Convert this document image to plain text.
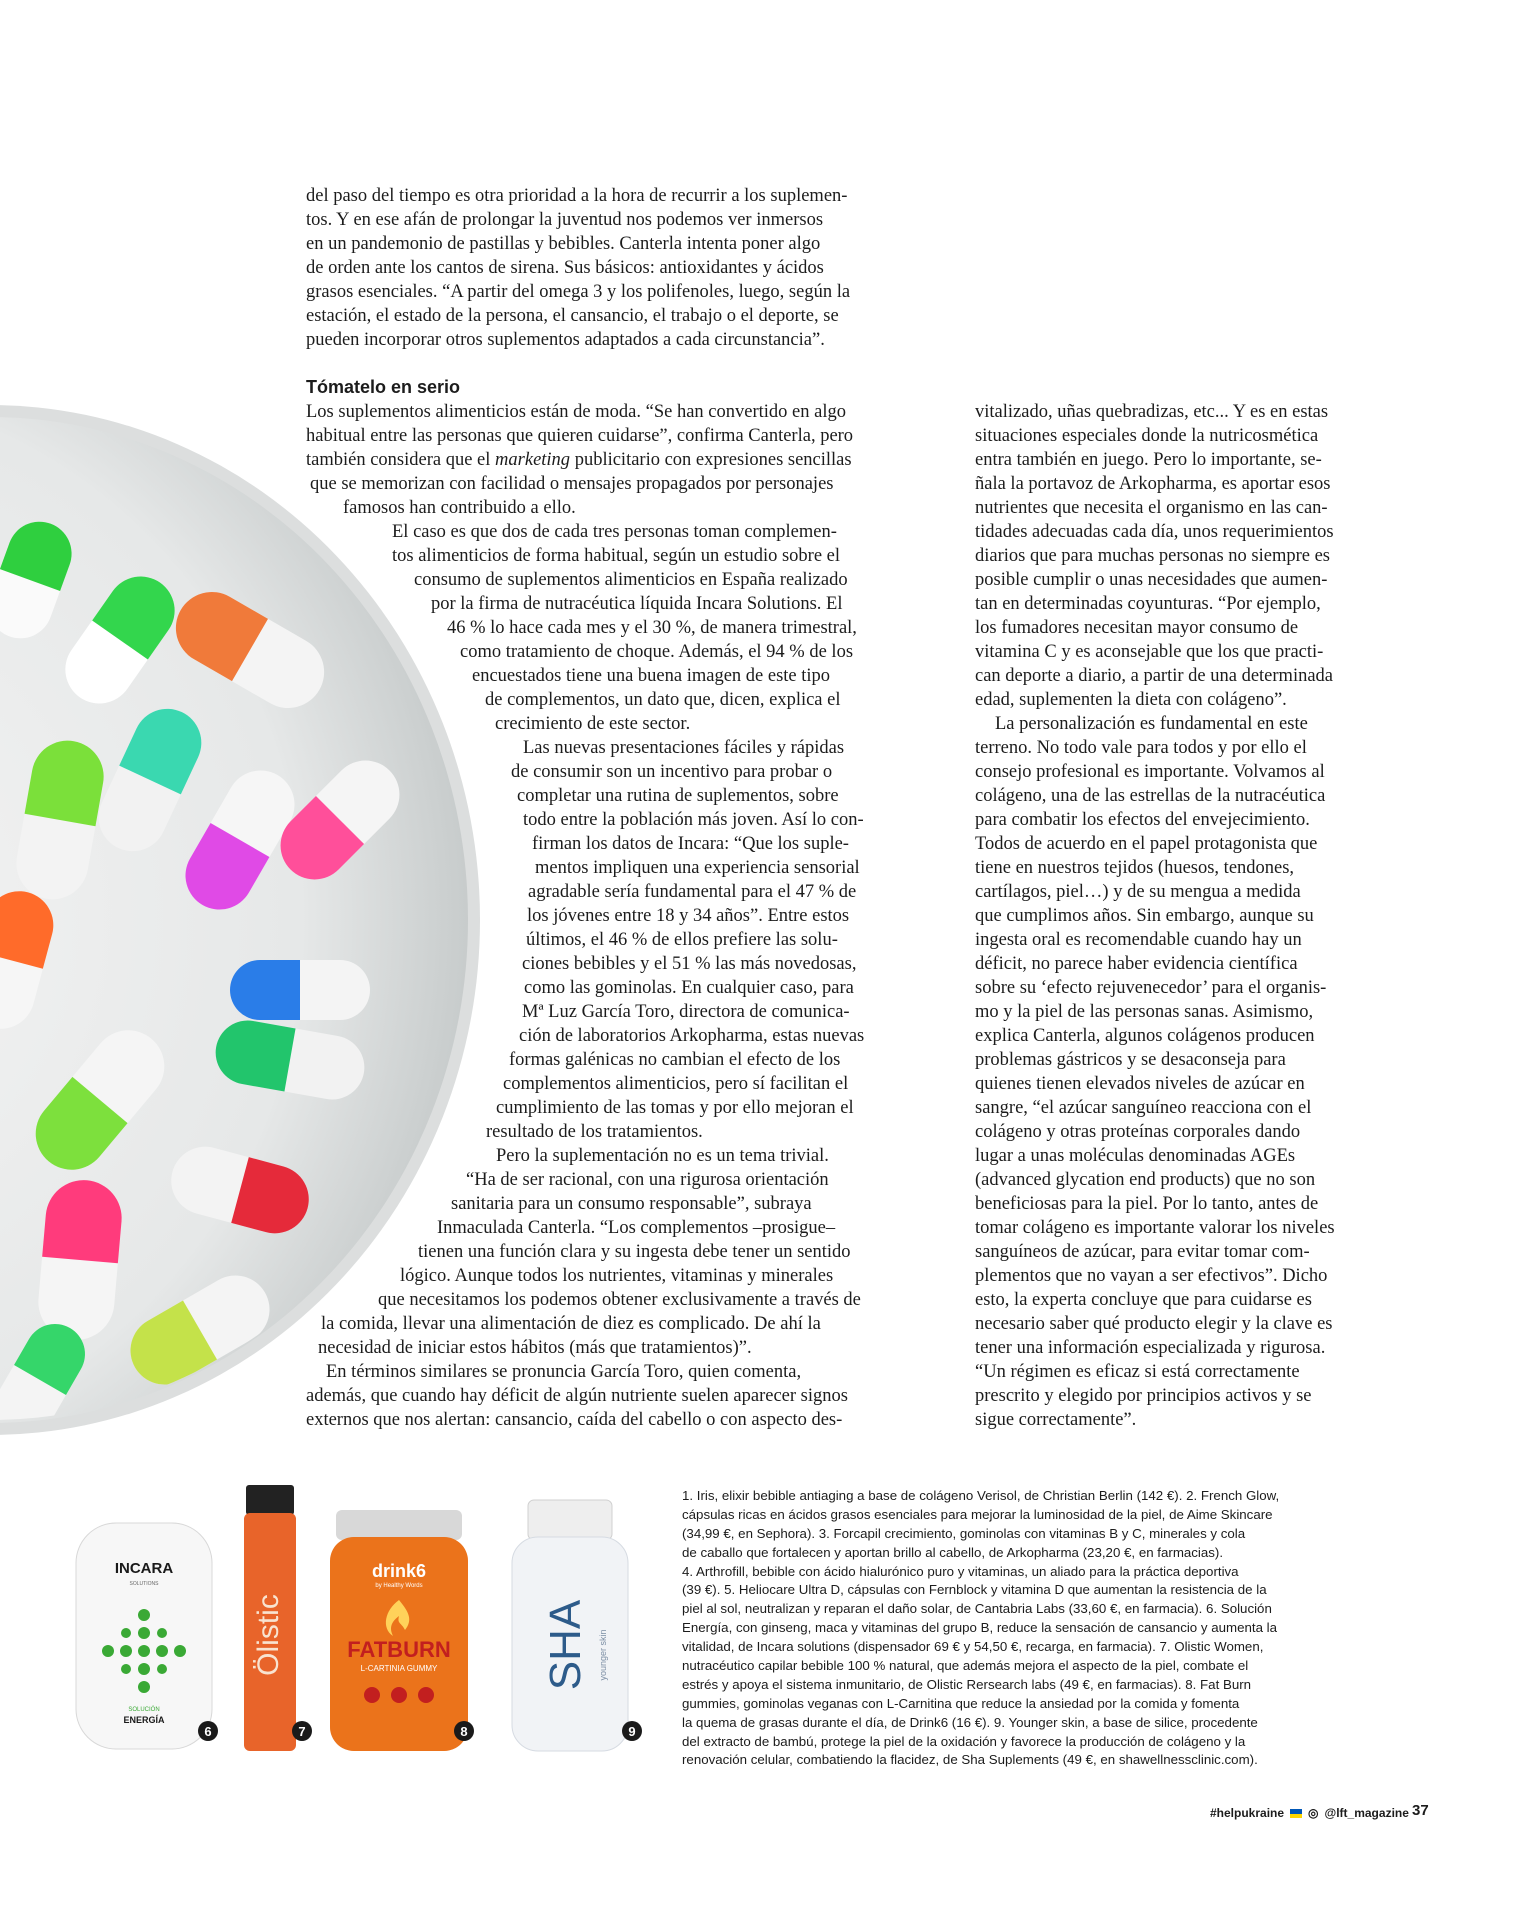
del paso del tiempo es otra prioridad a la hora de recurrir a los suplemen-

tos. Y en ese afán de prolongar la juventud nos podemos ver inmersos

en un pandemonio de pastillas y bebibles. Canterla intenta poner algo

de orden ante los cantos de sirena. Sus básicos: antioxidantes y ácidos

grasos esenciales. “A partir del omega 3 y los polifenoles, luego, según la

estación, el estado de la persona, el cansancio, el trabajo o el deporte, se

pueden incorporar otros suplementos adaptados a cada circunstancia”.

Tómatelo en serio
Los suplementos alimenticios están de moda. “Se han convertido en algo
habitual entre las personas que quieren cuidarse”, confirma Canterla, pero
también considera que el marketing publicitario con expresiones sencillas
que se memorizan con facilidad o mensajes propagados por personajes
famosos han contribuido a ello.
El caso es que dos de cada tres personas toman complemen-
tos alimenticios de forma habitual, según un estudio sobre el
consumo de suplementos alimenticios en España realizado
por la firma de nutracéutica líquida Incara Solutions. El
46 % lo hace cada mes y el 30 %, de manera trimestral,
como tratamiento de choque. Además, el 94 % de los
encuestados tiene una buena imagen de este tipo
de complementos, un dato que, dicen, explica el
crecimiento de este sector.
Las nuevas presentaciones fáciles y rápidas
de consumir son un incentivo para probar o
completar una rutina de suplementos, sobre
todo entre la población más joven. Así lo con-
firman los datos de Incara: “Que los suple-
mentos impliquen una experiencia sensorial
agradable sería fundamental para el 47 % de
los jóvenes entre 18 y 34 años”. Entre estos
últimos, el 46 % de ellos prefiere las solu-
ciones bebibles y el 51 % las más novedosas,
como las gominolas. En cualquier caso, para
Mª Luz García Toro, directora de comunica-
ción de laboratorios Arkopharma, estas nuevas
formas galénicas no cambian el efecto de los
complementos alimenticios, pero sí facilitan el
cumplimiento de las tomas y por ello mejoran el
resultado de los tratamientos.
Pero la suplementación no es un tema trivial.
“Ha de ser racional, con una rigurosa orientación
sanitaria para un consumo responsable”, subraya
Inmaculada Canterla. “Los complementos –prosigue–
tienen una función clara y su ingesta debe tener un sentido
lógico. Aunque todos los nutrientes, vitaminas y minerales
que necesitamos los podemos obtener exclusivamente a través de
la comida, llevar una alimentación de diez es complicado. De ahí la
necesidad de iniciar estos hábitos (más que tratamientos)”.
En términos similares se pronuncia García Toro, quien comenta,
además, que cuando hay déficit de algún nutriente suelen aparecer signos
externos que nos alertan: cansancio, caída del cabello o con aspecto des-
vitalizado, uñas quebradizas, etc... Y es en estas
situaciones especiales donde la nutricosmética
entra también en juego. Pero lo importante, se-
ñala la portavoz de Arkopharma, es aportar esos
nutrientes que necesita el organismo en las can-
tidades adecuadas cada día, unos requerimientos
diarios que para muchas personas no siempre es
posible cumplir o unas necesidades que aumen-
tan en determinadas coyunturas. “Por ejemplo,
los fumadores necesitan mayor consumo de
vitamina C y es aconsejable que los que practi-
can deporte a diario, a partir de una determinada
edad, suplementen la dieta con colágeno”.
La personalización es fundamental en este
terreno. No todo vale para todos y por ello el
consejo profesional es importante. Volvamos al
colágeno, una de las estrellas de la nutracéutica
para combatir los efectos del envejecimiento.
Todos de acuerdo en el papel protagonista que
tiene en nuestros tejidos (huesos, tendones,
cartílagos, piel…) y de su mengua a medida
que cumplimos años. Sin embargo, aunque su
ingesta oral es recomendable cuando hay un
déficit, no parece haber evidencia científica
sobre su ‘efecto rejuvenecedor’ para el organis-
mo y la piel de las personas sanas. Asimismo,
explica Canterla, algunos colágenos producen
problemas gástricos y se desaconseja para
quienes tienen elevados niveles de azúcar en
sangre, “el azúcar sanguíneo reacciona con el
colágeno y otras proteínas corporales dando
lugar a unas moléculas denominadas AGEs
(advanced glycation end products) que no son
beneficiosas para la piel. Por lo tanto, antes de
tomar colágeno es importante valorar los niveles
sanguíneos de azúcar, para evitar tomar com-
plementos que no vayan a ser efectivos”. Dicho
esto, la experta concluye que para cuidarse es
necesario saber qué producto elegir y la clave es
tener una información especializada y rigurosa.
“Un régimen es eficaz si está correctamente
prescrito y elegido por principios activos y se
sigue correctamente”.
INCARA
SOLUTIONS
SOLUCIÓN
ENERGÍA
6
Ölistic
7
drink6
by Healthy Words
FATBURN
L-CARTINIA GUMMY
8
SHA younger skin
9
1. Iris, elixir bebible antiaging a base de colágeno Verisol, de Christian Berlin (142 €). 2. French Glow,
cápsulas ricas en ácidos grasos esenciales para mejorar la luminosidad de la piel, de Aime Skincare
(34,99 €, en Sephora). 3. Forcapil crecimiento, gominolas con vitaminas B y C, minerales y cola
de caballo que fortalecen y aportan brillo al cabello, de Arkopharma (23,20 €, en farmacias).
4. Arthrofill, bebible con ácido hialurónico puro y vitaminas, un aliado para la práctica deportiva
(39 €). 5. Heliocare Ultra D, cápsulas con Fernblock y vitamina D que aumentan la resistencia de la
piel al sol, neutralizan y reparan el daño solar, de Cantabria Labs (33,60 €, en farmacia). 6. Solución
Energía, con ginseng, maca y vitaminas del grupo B, reduce la sensación de cansancio y aumenta la
vitalidad, de Incara solutions (dispensador 69 € y 54,50 €, recarga, en farmacia). 7. Olistic Women,
nutracéutico capilar bebible 100 % natural, que además mejora el aspecto de la piel, combate el
estrés y apoya el sistema inmunitario, de Olistic Rersearch labs (49 €, en farmacias). 8. Fat Burn
gummies, gominolas veganas con L-Carnitina que reduce la ansiedad por la comida y fomenta
la quema de grasas durante el día, de Drink6 (16 €). 9. Younger skin, a base de silice, procedente
del extracto de bambú, protege la piel de la oxidación y favorece la producción de colágeno y la
renovación celular, combatiendo la flacidez, de Sha Suplements (49 €, en shawellnessclinic.com).
#helpukraine ◎ @lft_magazine 37
